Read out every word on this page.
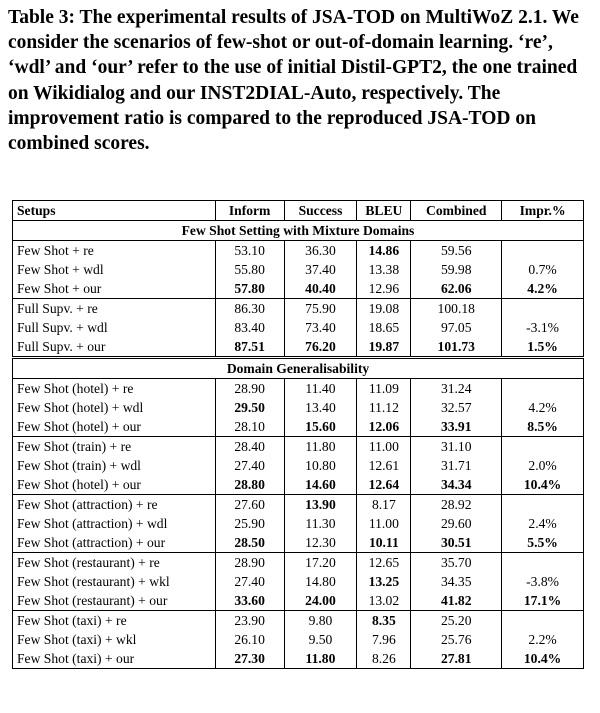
Table 3: The experimental results of JSA-TOD on MultiWoZ 2.1. We consider the scenarios of few-shot or out-of-domain learning. ‘re’, ‘wdl’ and ‘our’ refer to the use of initial Distil-GPT2, the one trained on Wikidialog and our INST2DIAL-Auto, respectively. The improvement ratio is compared to the reproduced JSA-TOD on combined scores.

Setups	Inform	Success	BLEU	Combined	Impr.%
Few Shot Setting with Mixture Domains					
Few Shot + re	53.10	36.30	14.86	59.56	
Few Shot + wdl	55.80	37.40	13.38	59.98	0.7%
Few Shot + our	57.80	40.40	12.96	62.06	4.2%
Full Supv. + re	86.30	75.90	19.08	100.18	
Full Supv. + wdl	83.40	73.40	18.65	97.05	-3.1%
Full Supv. + our	87.51	76.20	19.87	101.73	1.5%
Domain Generalisability					
Few Shot (hotel) + re	28.90	11.40	11.09	31.24	
Few Shot (hotel) + wdl	29.50	13.40	11.12	32.57	4.2%
Few Shot (hotel) + our	28.10	15.60	12.06	33.91	8.5%
Few Shot (train) + re	28.40	11.80	11.00	31.10	
Few Shot (train) + wdl	27.40	10.80	12.61	31.71	2.0%
Few Shot (hotel) + our	28.80	14.60	12.64	34.34	10.4%
Few Shot (attraction) + re	27.60	13.90	8.17	28.92	
Few Shot (attraction) + wdl	25.90	11.30	11.00	29.60	2.4%
Few Shot (attraction) + our	28.50	12.30	10.11	30.51	5.5%
Few Shot (restaurant) + re	28.90	17.20	12.65	35.70	
Few Shot (restaurant) + wkl	27.40	14.80	13.25	34.35	-3.8%
Few Shot (restaurant) + our	33.60	24.00	13.02	41.82	17.1%
Few Shot (taxi) + re	23.90	9.80	8.35	25.20	
Few Shot (taxi) + wkl	26.10	9.50	7.96	25.76	2.2%
Few Shot (taxi) + our	27.30	11.80	8.26	27.81	10.4%
